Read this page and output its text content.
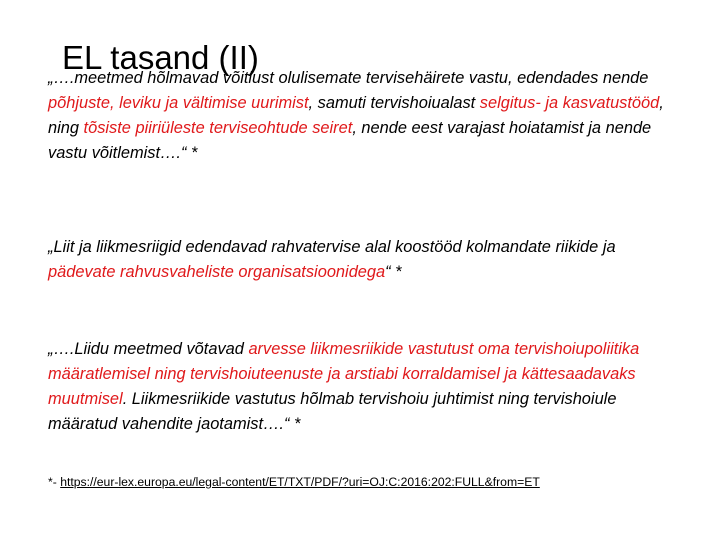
EL tasand (II)

„….meetmed hõlmavad võitlust olulisemate tervisehäirete vastu, edendades nende põhjuste, leviku ja vältimise uurimist, samuti tervishoiualast selgitus- ja kasvatustööd, ning tõsiste piiriüleste terviseohtude seiret, nende eest varajast hoiatamist ja nende vastu võitlemist….“ *

„Liit ja liikmesriigid edendavad rahvatervise alal koostööd kolmandate riikide ja pädevate rahvusvaheliste organisatsioonidega“ *

„….Liidu meetmed võtavad arvesse liikmesriikide vastutust oma tervishoiupoliitika määratlemisel ning tervishoiuteenuste ja arstiabi korraldamisel ja kättesaadavaks muutmisel. Liikmesriikide vastutus hõlmab tervishoiu juhtimist ning tervishoiule määratud vahendite jaotamist….“ *

*- https://eur-lex.europa.eu/legal-content/ET/TXT/PDF/?uri=OJ:C:2016:202:FULL&from=ET
